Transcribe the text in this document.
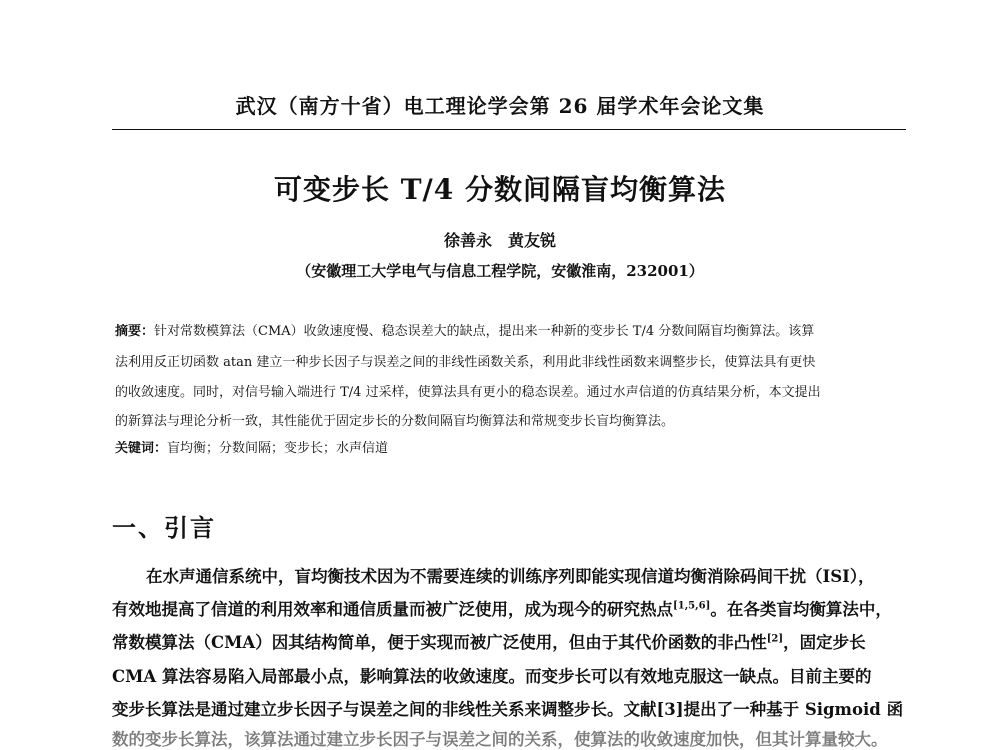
武汉（南方十省）电工理论学会第 26 届学术年会论文集
可变步长 T/4 分数间隔盲均衡算法
徐善永　黄友锐
（安徽理工大学电气与信息工程学院，安徽淮南，232001）
摘要：针对常数模算法（CMA）收敛速度慢、稳态误差大的缺点，提出来一种新的变步长 T/4 分数间隔盲均衡算法。该算
法利用反正切函数 atan 建立一种步长因子与误差之间的非线性函数关系，利用此非线性函数来调整步长，使算法具有更快
的收敛速度。同时，对信号输入端进行 T/4 过采样，使算法具有更小的稳态误差。通过水声信道的仿真结果分析，本文提出
的新算法与理论分析一致，其性能优于固定步长的分数间隔盲均衡算法和常规变步长盲均衡算法。
关键词：盲均衡；分数间隔；变步长；水声信道
一、引言
在水声通信系统中，盲均衡技术因为不需要连续的训练序列即能实现信道均衡消除码间干扰（ISI），
有效地提高了信道的利用效率和通信质量而被广泛使用，成为现今的研究热点[1,5,6]。在各类盲均衡算法中，
常数模算法（CMA）因其结构简单，便于实现而被广泛使用，但由于其代价函数的非凸性[2]，固定步长
CMA 算法容易陷入局部最小点，影响算法的收敛速度。而变步长可以有效地克服这一缺点。目前主要的
变步长算法是通过建立步长因子与误差之间的非线性关系来调整步长。文献[3]提出了一种基于 Sigmoid 函
数的变步长算法，该算法通过建立步长因子与误差之间的关系，使算法的收敛速度加快，但其计算量较大。
